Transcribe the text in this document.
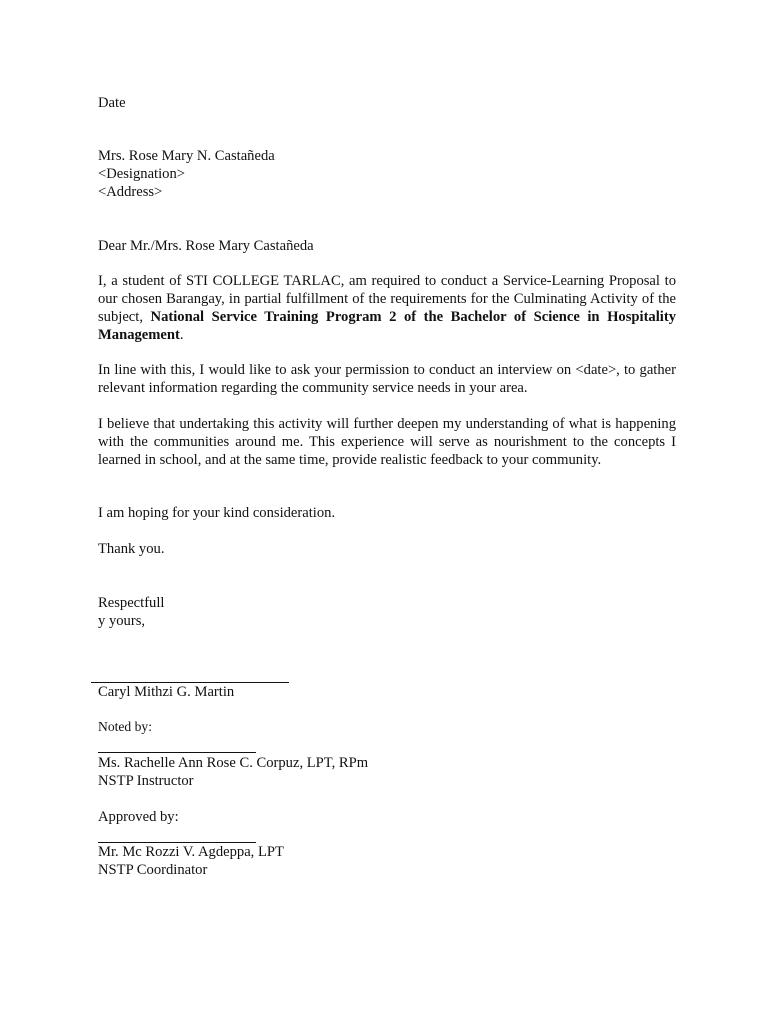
Date
Mrs. Rose Mary N. Castañeda
<Designation>
<Address>
Dear Mr./Mrs. Rose Mary Castañeda
I, a student of STI COLLEGE TARLAC, am required to conduct a Service-Learning Proposal to our chosen Barangay, in partial fulfillment of the requirements for the Culminating Activity of the subject, National Service Training Program 2 of the Bachelor of Science in Hospitality Management.
In line with this, I would like to ask your permission to conduct an interview on <date>, to gather relevant information regarding the community service needs in your area.
I believe that undertaking this activity will further deepen my understanding of what is happening with the communities around me. This experience will serve as nourishment to the concepts I learned in school, and at the same time, provide realistic feedback to your community.
I am hoping for your kind consideration.
Thank you.
Respectfull
y yours,
Caryl Mithzi G. Martin
Noted by:
Ms. Rachelle Ann Rose C. Corpuz, LPT, RPm
NSTP Instructor
Approved by:
Mr. Mc Rozzi V. Agdeppa, LPT
NSTP Coordinator
